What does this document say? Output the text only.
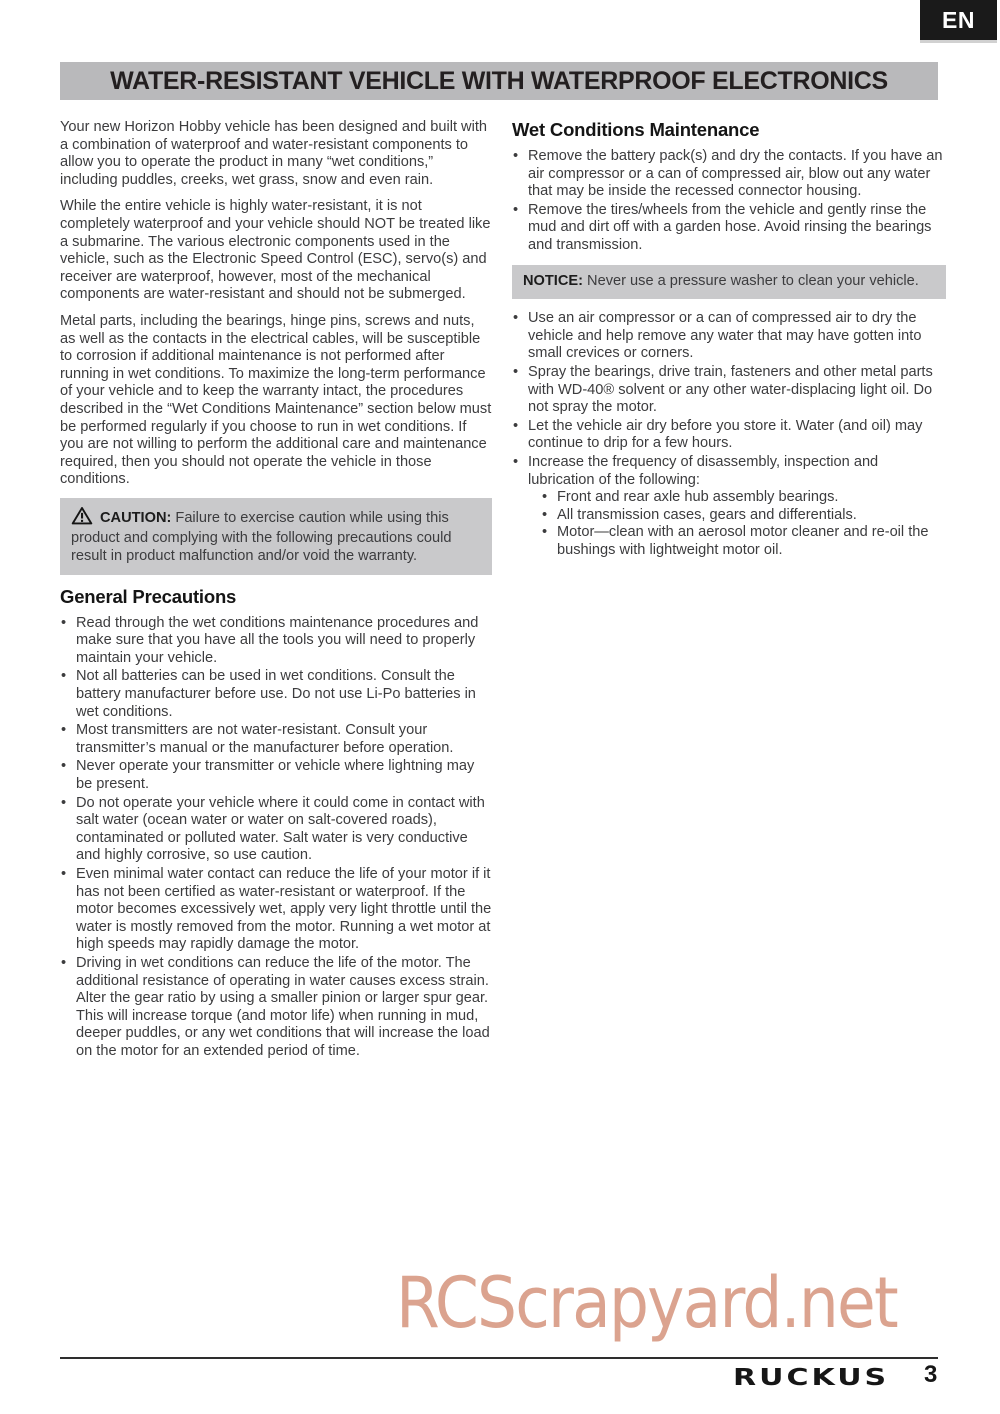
EN
WATER-RESISTANT VEHICLE WITH WATERPROOF ELECTRONICS

Your new Horizon Hobby vehicle has been designed and built with a combination of waterproof and water-resistant components to allow you to operate the product in many “wet conditions,” including puddles, creeks, wet grass, snow and even rain.

While the entire vehicle is highly water-resistant, it is not completely waterproof and your vehicle should NOT be treated like a submarine. The various electronic components used in the vehicle, such as the Electronic Speed Control (ESC), servo(s) and receiver are waterproof, however, most of the mechanical components are water-resistant and should not be submerged.

Metal parts, including the bearings, hinge pins, screws and nuts, as well as the contacts in the electrical cables, will be susceptible to corrosion if additional maintenance is not performed after running in wet conditions. To maximize the long-term performance of your vehicle and to keep the warranty intact, the procedures described in the “Wet Conditions Maintenance” section below must be performed regularly if you choose to run in wet conditions. If you are not willing to perform the additional care and maintenance required, then you should not operate the vehicle in those conditions.

CAUTION: Failure to exercise caution while using this product and complying with the following precautions could result in product malfunction and/or void the warranty.
General Precautions
• Read through the wet conditions maintenance procedures and make sure that you have all the tools you will need to properly maintain your vehicle.
• Not all batteries can be used in wet conditions. Consult the battery manufacturer before use. Do not use Li-Po batteries in wet conditions.
• Most transmitters are not water-resistant. Consult your transmitter’s manual or the manufacturer before operation.
• Never operate your transmitter or vehicle where lightning may be present.
• Do not operate your vehicle where it could come in contact with salt water (ocean water or water on salt-covered roads), contaminated or polluted water. Salt water is very conductive and highly corrosive, so use caution.
• Even minimal water contact can reduce the life of your motor if it has not been certified as water-resistant or waterproof. If the motor becomes excessively wet, apply very light throttle until the water is mostly removed from the motor. Running a wet motor at high speeds may rapidly damage the motor.
• Driving in wet conditions can reduce the life of the motor. The additional resistance of operating in water causes excess strain. Alter the gear ratio by using a smaller pinion or larger spur gear. This will increase torque (and motor life) when running in mud, deeper puddles, or any wet conditions that will increase the load on the motor for an extended period of time.
Wet Conditions Maintenance
• Remove the battery pack(s) and dry the contacts. If you have an air compressor or a can of compressed air, blow out any water that may be inside the recessed connector housing.
• Remove the tires/wheels from the vehicle and gently rinse the mud and dirt off with a garden hose. Avoid rinsing the bearings and transmission.
NOTICE: Never use a pressure washer to clean your vehicle.
• Use an air compressor or a can of compressed air to dry the vehicle and help remove any water that may have gotten into small crevices or corners.
• Spray the bearings, drive train, fasteners and other metal parts with WD-40® solvent or any other water-displacing light oil. Do not spray the motor.
• Let the vehicle air dry before you store it. Water (and oil) may continue to drip for a few hours.
• Increase the frequency of disassembly, inspection and lubrication of the following:
• Front and rear axle hub assembly bearings.
• All transmission cases, gears and differentials.
• Motor—clean with an aerosol motor cleaner and re-oil the bushings with lightweight motor oil.
RCScrapyard.net
RUCKUS 3
